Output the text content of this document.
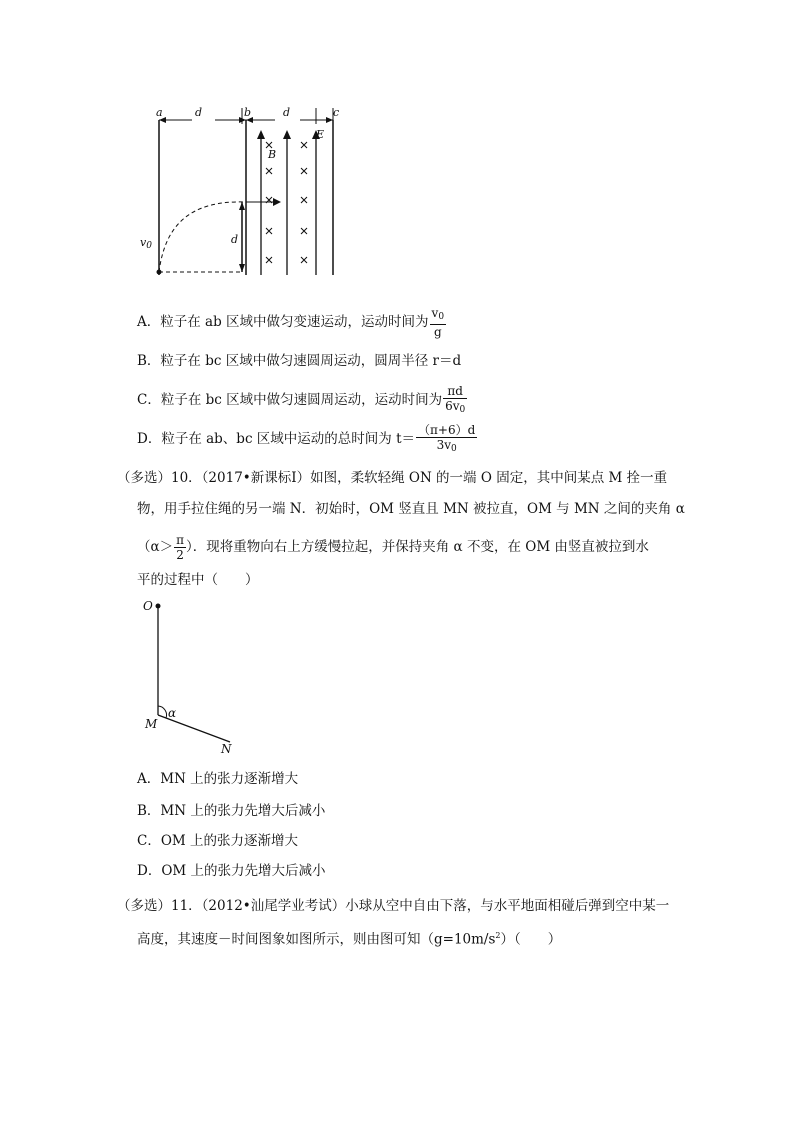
a	d	b	d	c
B
E
$v_0$	d
A．粒子在 ab 区域中做匀变速运动，运动时间为 $\frac{v_0}{g}$
B．粒子在 bc 区域中做匀速圆周运动，圆周半径 r＝d
C．粒子在 bc 区域中做匀速圆周运动，运动时间为 $\frac{\pi d}{6v_0}$
D．粒子在 ab、bc 区域中运动的总时间为 $t= \frac{(\pi+6)d}{3v_0}$
（多选）10．（2017•新课标Ⅰ）如图，柔软轻绳 ON 的一端 O 固定，其中间某点 M 拴一重
物，用手拉住绳的另一端 N．初始时，OM 竖直且 MN 被拉直，OM 与 MN 之间的夹角 α
（$\alpha> \frac{\pi}{2}$ ）．现将重物向右上方缓慢拉起，并保持夹角 α 不变，在 OM 由竖直被拉到水
平的过程中（　　）
O
α
M
N
A．MN 上的张力逐渐增大
B．MN 上的张力先增大后减小
C．OM 上的张力逐渐增大
D．OM 上的张力先增大后减小
（多选）11．（2012•汕尾学业考试）小球从空中自由下落，与水平地面相碰后弹到空中某一
高度，其速度－时间图象如图所示，则由图可知$(g=10m/s^2)$（　　）
